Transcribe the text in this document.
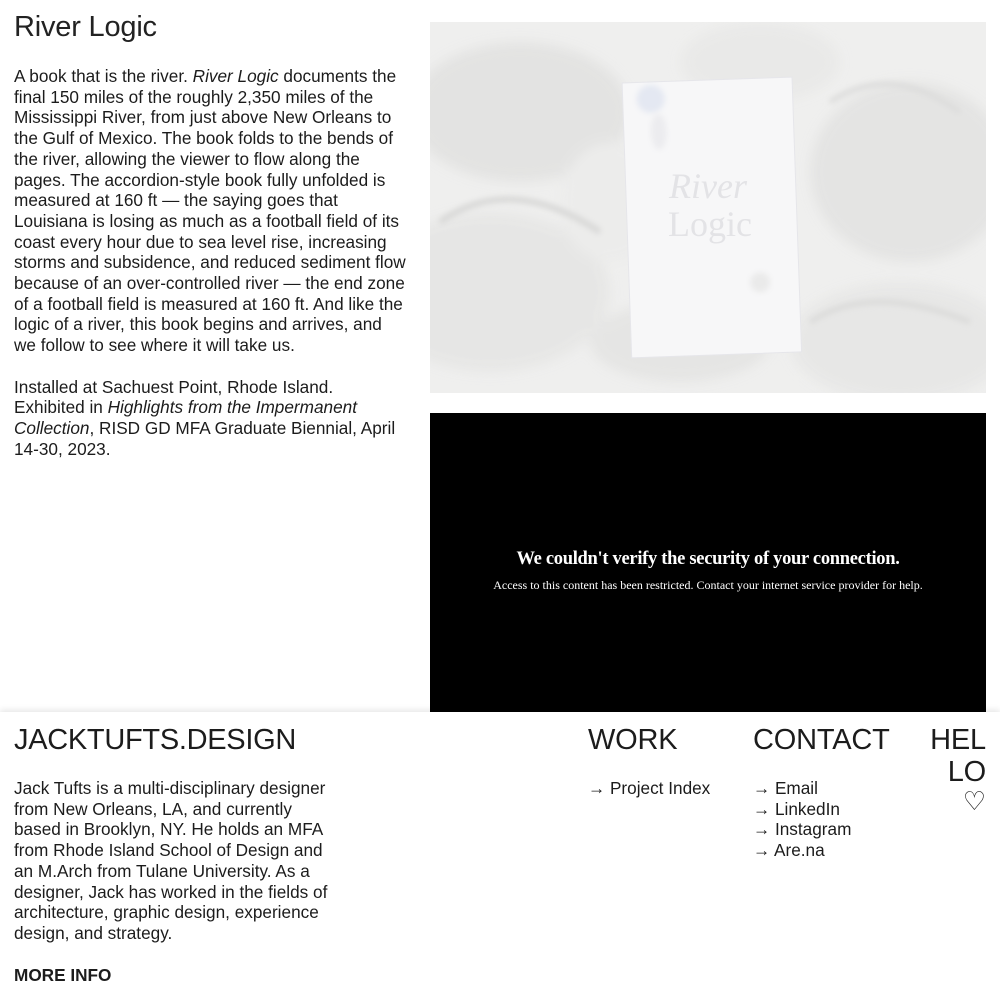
River Logic

A book that is the river. River Logic documents the final 150 miles of the roughly 2,350 miles of the Mississippi River, from just above New Orleans to the Gulf of Mexico. The book folds to the bends of the river, allowing the viewer to flow along the pages. The accordion-style book fully unfolded is measured at 160 ft — the saying goes that Louisiana is losing as much as a football field of its coast every hour due to sea level rise, increasing storms and subsidence, and reduced sediment flow because of an over-controlled river — the end zone of a football field is measured at 160 ft. And like the logic of a river, this book begins and arrives, and we follow to see where it will take us.

Installed at Sachuest Point, Rhode Island. Exhibited in Highlights from the Impermanent Collection, RISD GD MFA Graduate Biennial, April 14-30, 2023.

River
Logic
We couldn't verify the security of your connection.
Access to this content has been restricted. Contact your internet service provider for help.
JACKTUFTS.DESIGN

Jack Tufts is a multi-disciplinary designer from New Orleans, LA, and currently based in Brooklyn, NY. He holds an MFA from Rhode Island School of Design and an M.Arch from Tulane University. As a designer, Jack has worked in the fields of architecture, graphic design, experience design, and strategy.

MORE INFO
WORK
→ Project Index
CONTACT
→ Email
→ LinkedIn
→ Instagram
→ Are.na
HEL
LO
♡
